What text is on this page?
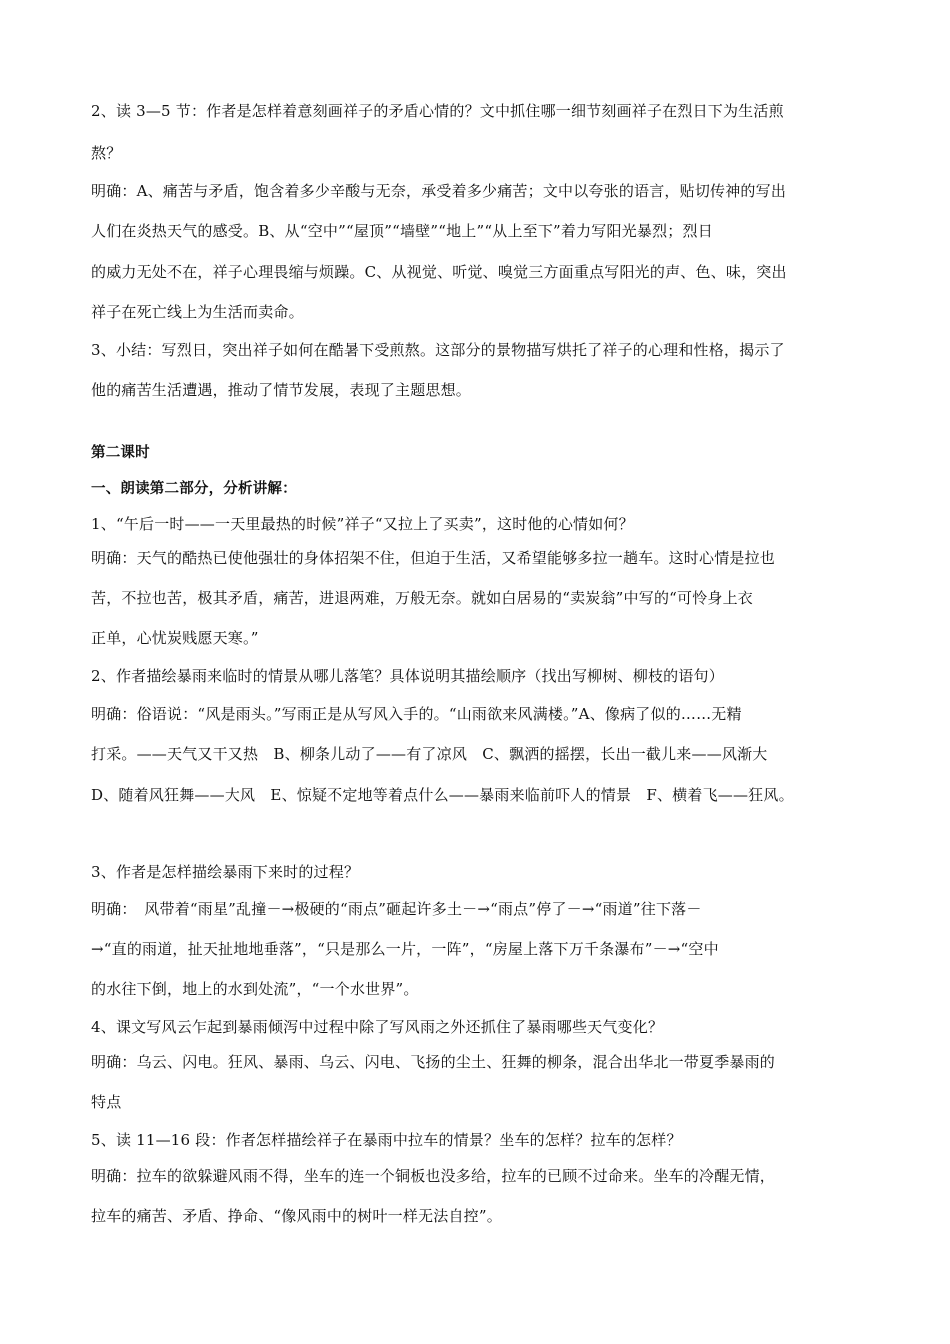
2、读 3—5 节：作者是怎样着意刻画祥子的矛盾心情的？文中抓住哪一细节刻画祥子在烈日下为生活煎
熬？
明确：A、痛苦与矛盾，饱含着多少辛酸与无奈，承受着多少痛苦；文中以夸张的语言，贴切传神的写出
人们在炎热天气的感受。B、从“空中”“屋顶”“墙壁”“地上”“从上至下”着力写阳光暴烈；烈日
的威力无处不在，祥子心理畏缩与烦躁。C、从视觉、听觉、嗅觉三方面重点写阳光的声、色、味，突出
祥子在死亡线上为生活而卖命。
3、小结：写烈日，突出祥子如何在酷暑下受煎熬。这部分的景物描写烘托了祥子的心理和性格，揭示了
他的痛苦生活遭遇，推动了情节发展，表现了主题思想。
第二课时
一、朗读第二部分，分析讲解：
1、“午后一时——一天里最热的时候”祥子“又拉上了买卖”，这时他的心情如何？
明确：天气的酷热已使他强壮的身体招架不住，但迫于生活，又希望能够多拉一趟车。这时心情是拉也
苦，不拉也苦，极其矛盾，痛苦，进退两难，万般无奈。就如白居易的“卖炭翁”中写的“可怜身上衣
正单，心忧炭贱愿天寒。”
2、作者描绘暴雨来临时的情景从哪儿落笔？具体说明其描绘顺序（找出写柳树、柳枝的语句）
明确：俗语说：“风是雨头。”写雨正是从写风入手的。“山雨欲来风满楼。”A、像病了似的……无精
打采。——天气又干又热　B、柳条儿动了——有了凉风　C、飘洒的摇摆，长出一截儿来——风渐大
D、随着风狂舞——大风　E、惊疑不定地等着点什么——暴雨来临前吓人的情景　F、横着飞——狂风。
3、作者是怎样描绘暴雨下来时的过程？
明确：　风带着“雨星”乱撞－→极硬的“雨点”砸起许多土－→“雨点”停了－→“雨道”往下落－
→“直的雨道，扯天扯地地垂落”，“只是那么一片，一阵”，“房屋上落下万千条瀑布”－→“空中
的水往下倒，地上的水到处流”，“一个水世界”。
4、课文写风云乍起到暴雨倾泻中过程中除了写风雨之外还抓住了暴雨哪些天气变化？
明确：乌云、闪电。狂风、暴雨、乌云、闪电、飞扬的尘土、狂舞的柳条，混合出华北一带夏季暴雨的
特点
5、读 11—16 段：作者怎样描绘祥子在暴雨中拉车的情景？坐车的怎样？拉车的怎样？
明确：拉车的欲躲避风雨不得，坐车的连一个铜板也没多给，拉车的已顾不过命来。坐车的冷醒无情，
拉车的痛苦、矛盾、挣命、“像风雨中的树叶一样无法自控”。
